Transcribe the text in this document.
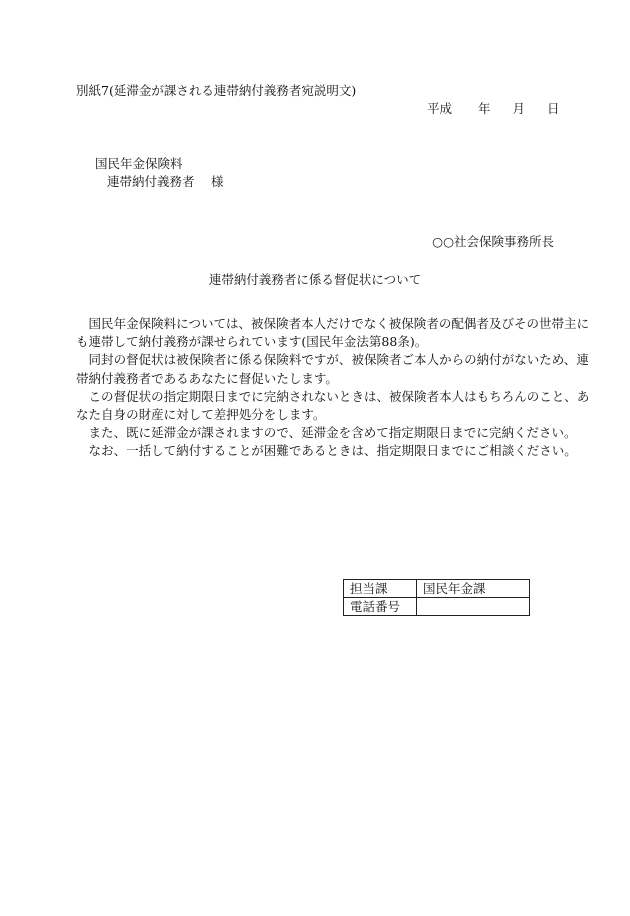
別紙7(延滞金が課される連帯納付義務者宛説明文)
平成 年 月 日
国民年金保険料
連帯納付義務者　 様
○○社会保険事務所長
連帯納付義務者に係る督促状について

　国民年金保険料については、被保険者本人だけでなく被保険者の配偶者及びその世帯主に

も連帯して納付義務が課せられています(国民年金法第88条)。

　同封の督促状は被保険者に係る保険料ですが、被保険者ご本人からの納付がないため、連

帯納付義務者であるあなたに督促いたします。

　この督促状の指定期限日までに完納されないときは、被保険者本人はもちろんのこと、あ

なた自身の財産に対して差押処分をします。

　また、既に延滞金が課されますので、延滞金を含めて指定期限日までに完納ください。

　なお、一括して納付することが困難であるときは、指定期限日までにご相談ください。

担当課	国民年金課
電話番号	
